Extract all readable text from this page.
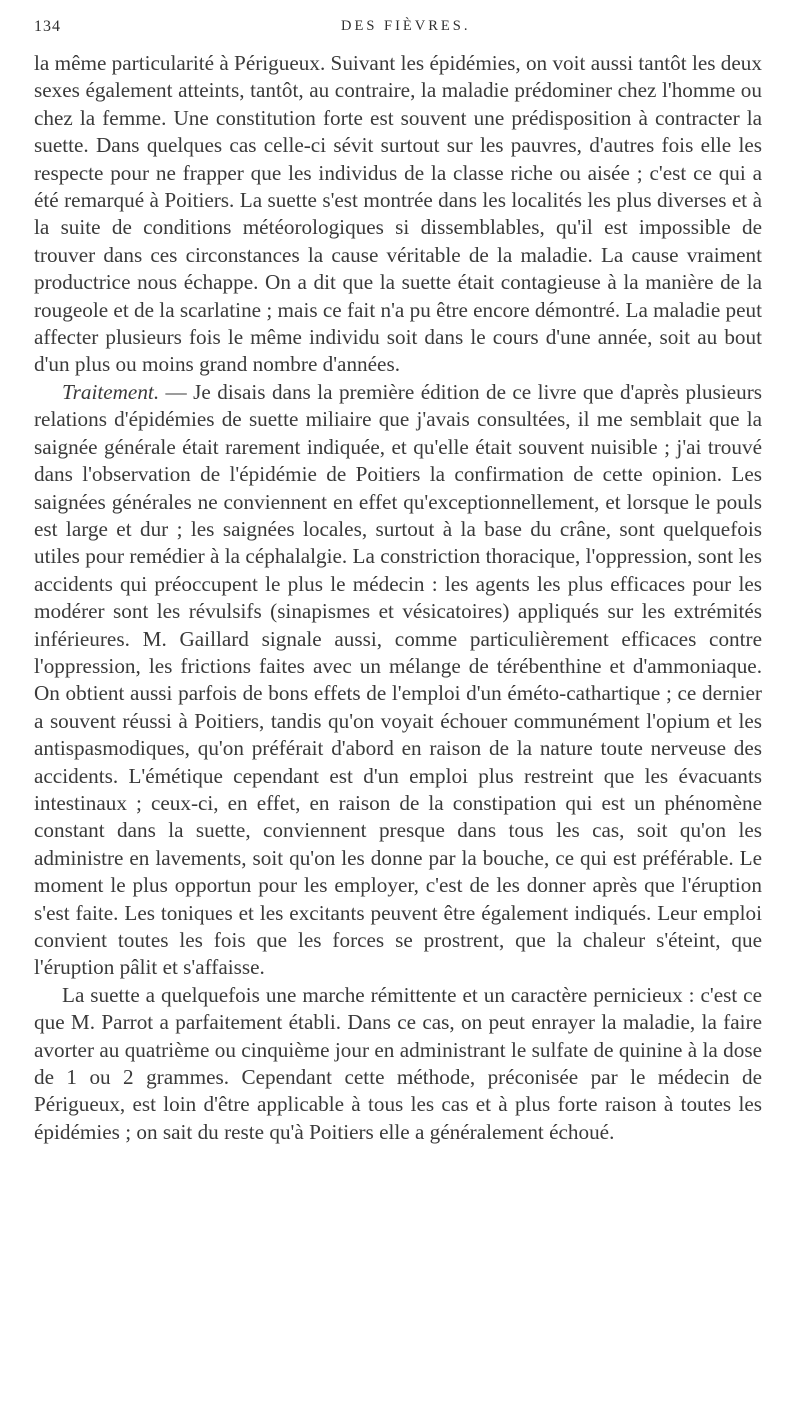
134	DES FIÈVRES.

la même particularité à Périgueux. Suivant les épidémies, on voit aussi tantôt les deux sexes également atteints, tantôt, au contraire, la maladie prédominer chez l'homme ou chez la femme. Une constitution forte est souvent une prédisposition à contracter la suette. Dans quelques cas celle-ci sévit surtout sur les pauvres, d'autres fois elle les respecte pour ne frapper que les individus de la classe riche ou aisée ; c'est ce qui a été remarqué à Poitiers. La suette s'est montrée dans les localités les plus diverses et à la suite de conditions météorologiques si dissemblables, qu'il est impossible de trouver dans ces circonstances la cause véritable de la maladie. La cause vraiment productrice nous échappe. On a dit que la suette était contagieuse à la manière de la rougeole et de la scarlatine ; mais ce fait n'a pu être encore démontré. La maladie peut affecter plusieurs fois le même individu soit dans le cours d'une année, soit au bout d'un plus ou moins grand nombre d'années.

Traitement. — Je disais dans la première édition de ce livre que d'après plusieurs relations d'épidémies de suette miliaire que j'avais consultées, il me semblait que la saignée générale était rarement indiquée, et qu'elle était souvent nuisible ; j'ai trouvé dans l'observation de l'épidémie de Poitiers la confirmation de cette opinion. Les saignées générales ne conviennent en effet qu'exceptionnellement, et lorsque le pouls est large et dur ; les saignées locales, surtout à la base du crâne, sont quelquefois utiles pour remédier à la céphalalgie. La constriction thoracique, l'oppression, sont les accidents qui préoccupent le plus le médecin : les agents les plus efficaces pour les modérer sont les révulsifs (sinapismes et vésicatoires) appliqués sur les extrémités inférieures. M. Gaillard signale aussi, comme particulièrement efficaces contre l'oppression, les frictions faites avec un mélange de térébenthine et d'ammoniaque. On obtient aussi parfois de bons effets de l'emploi d'un éméto-cathartique ; ce dernier a souvent réussi à Poitiers, tandis qu'on voyait échouer communément l'opium et les antispasmodiques, qu'on préférait d'abord en raison de la nature toute nerveuse des accidents. L'émétique cependant est d'un emploi plus restreint que les évacuants intestinaux ; ceux-ci, en effet, en raison de la constipation qui est un phénomène constant dans la suette, conviennent presque dans tous les cas, soit qu'on les administre en lavements, soit qu'on les donne par la bouche, ce qui est préférable. Le moment le plus opportun pour les employer, c'est de les donner après que l'éruption s'est faite. Les toniques et les excitants peuvent être également indiqués. Leur emploi convient toutes les fois que les forces se prostrent, que la chaleur s'éteint, que l'éruption pâlit et s'affaisse.

La suette a quelquefois une marche rémittente et un caractère pernicieux : c'est ce que M. Parrot a parfaitement établi. Dans ce cas, on peut enrayer la maladie, la faire avorter au quatrième ou cinquième jour en administrant le sulfate de quinine à la dose de 1 ou 2 grammes. Cependant cette méthode, préconisée par le médecin de Périgueux, est loin d'être applicable à tous les cas et à plus forte raison à toutes les épidémies ; on sait du reste qu'à Poitiers elle a généralement échoué.
